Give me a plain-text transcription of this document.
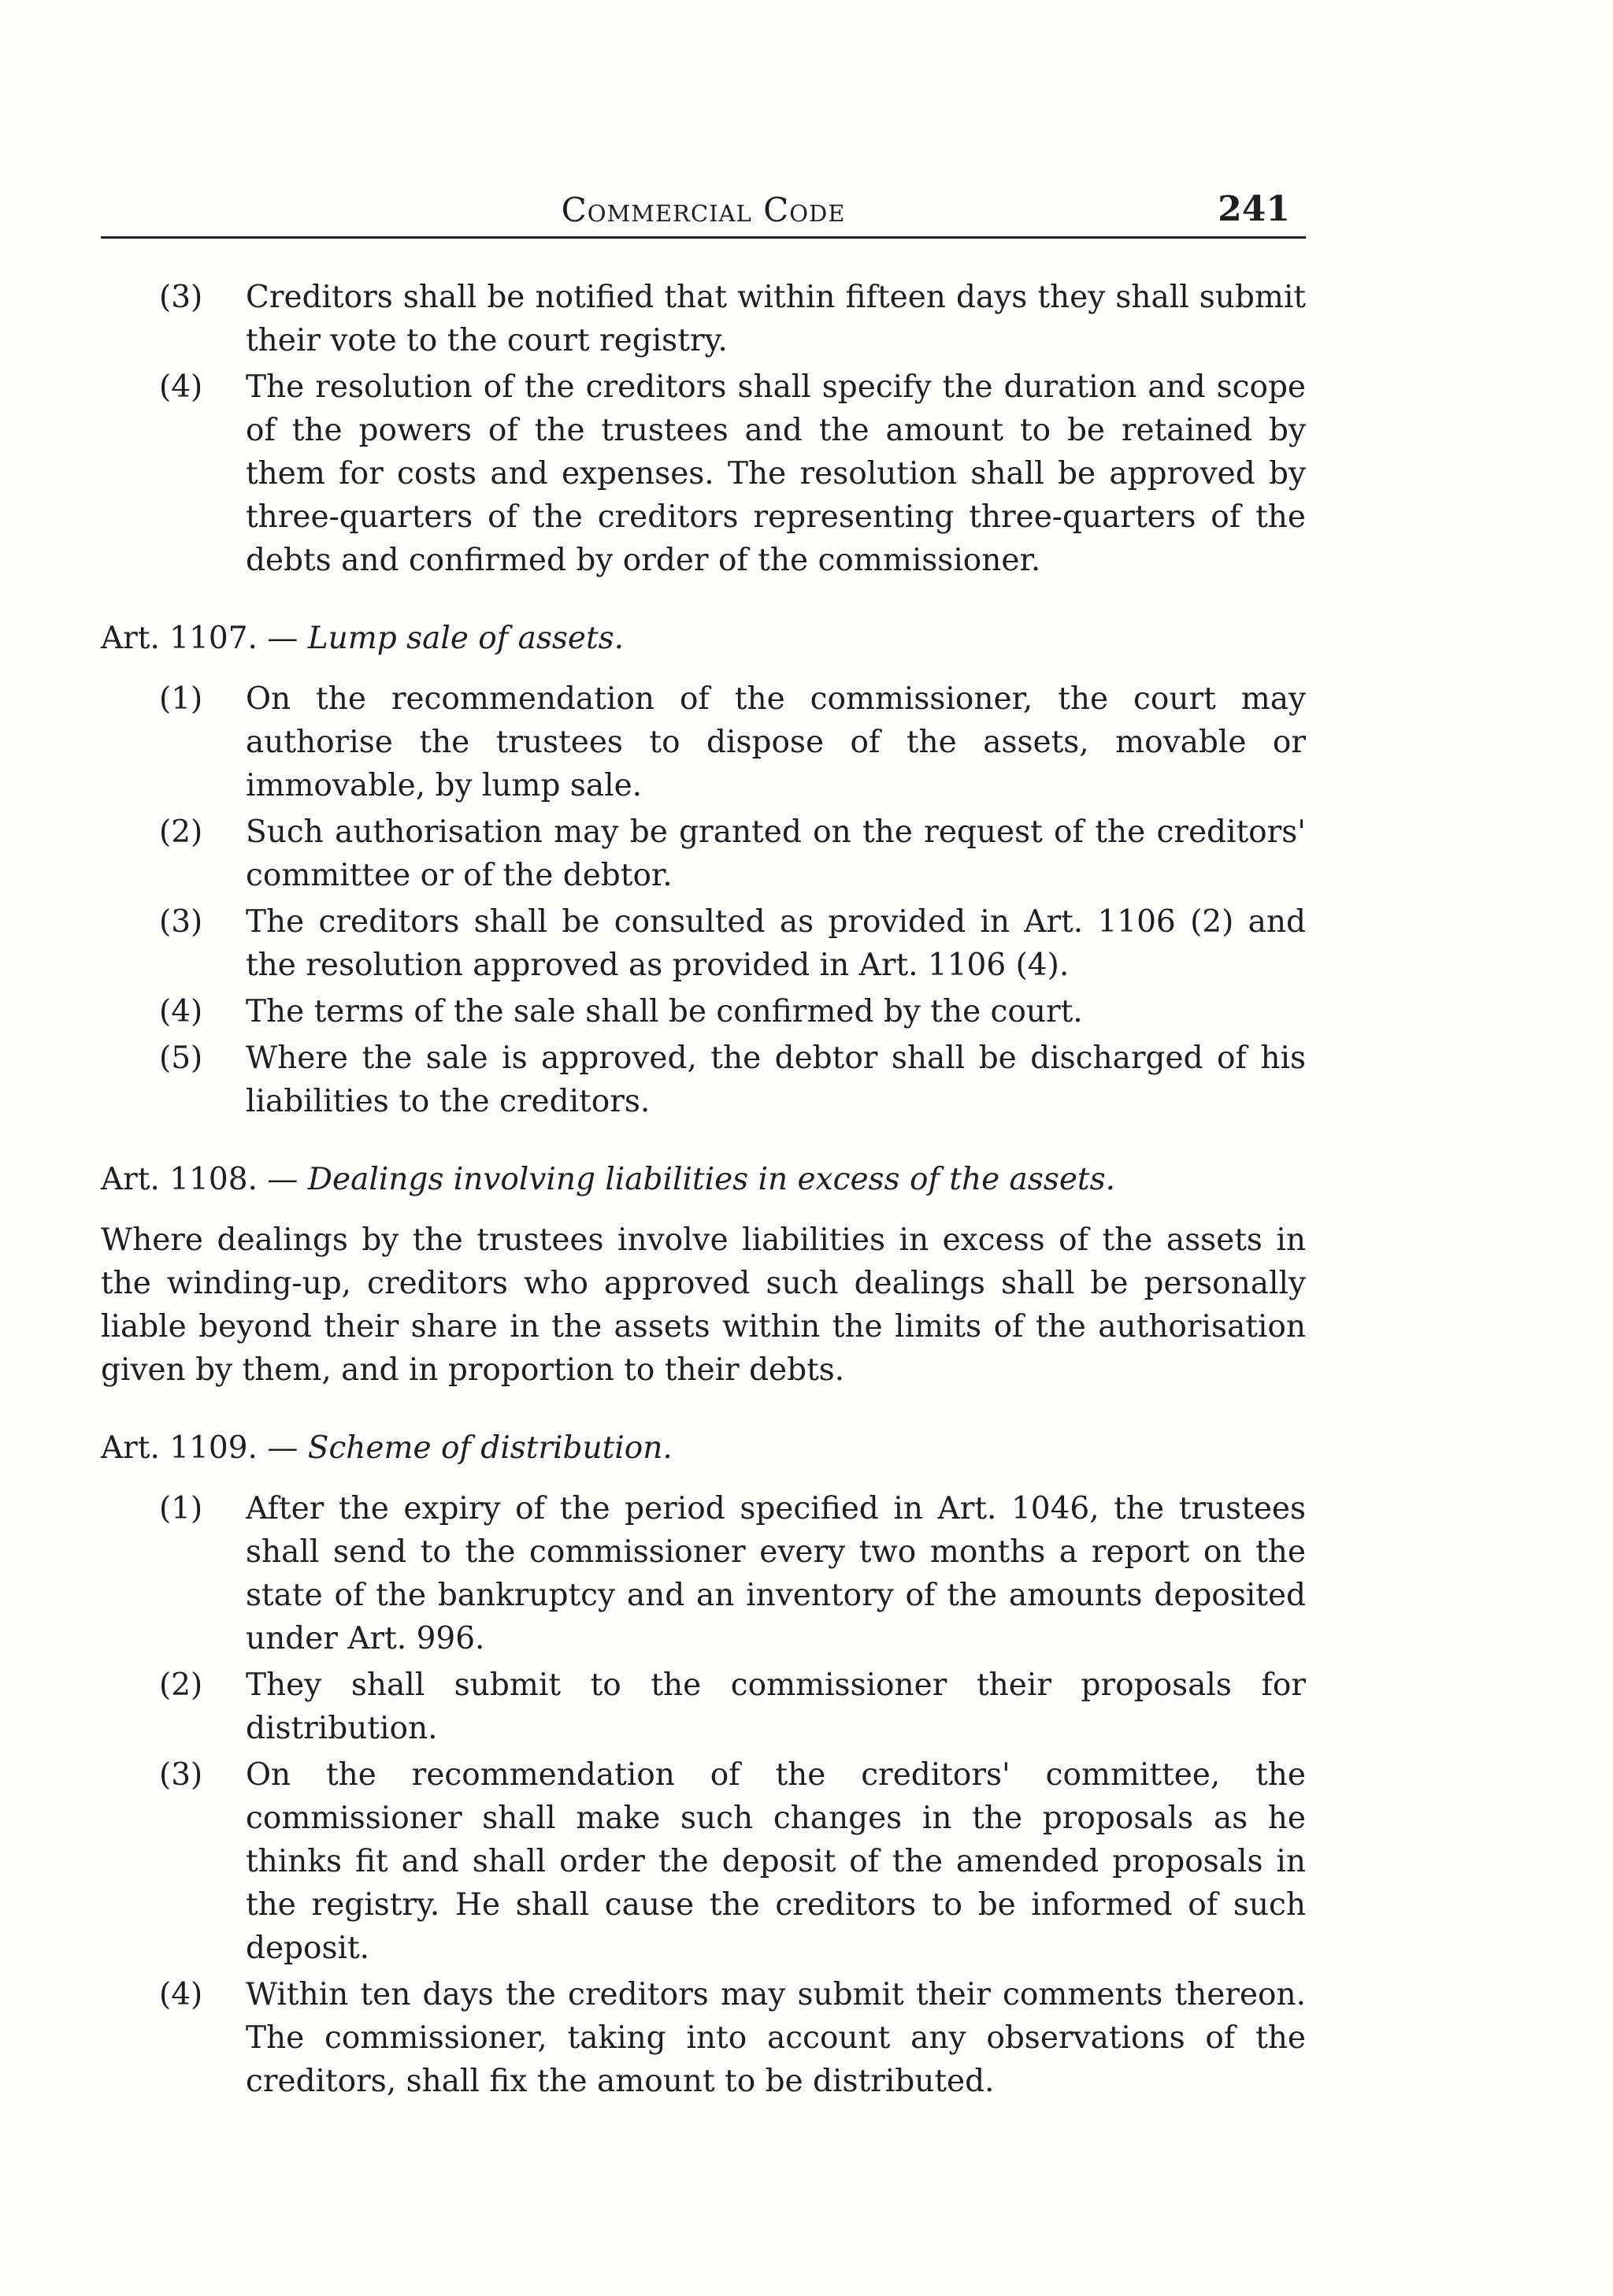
Commercial Code	241
(3) Creditors shall be notified that within fifteen days they shall submit their vote to the court registry.
(4) The resolution of the creditors shall specify the duration and scope of the powers of the trustees and the amount to be retained by them for costs and expenses. The resolution shall be approved by three-quarters of the creditors representing three-quarters of the debts and confirmed by order of the commissioner.
Art. 1107. — Lump sale of assets.
(1) On the recommendation of the commissioner, the court may authorise the trustees to dispose of the assets, movable or immovable, by lump sale.
(2) Such authorisation may be granted on the request of the creditors' committee or of the debtor.
(3) The creditors shall be consulted as provided in Art. 1106 (2) and the resolution approved as provided in Art. 1106 (4).
(4) The terms of the sale shall be confirmed by the court.
(5) Where the sale is approved, the debtor shall be discharged of his liabilities to the creditors.
Art. 1108. — Dealings involving liabilities in excess of the assets.

Where dealings by the trustees involve liabilities in excess of the assets in the winding-up, creditors who approved such dealings shall be personally liable beyond their share in the assets within the limits of the authorisation given by them, and in proportion to their debts.

Art. 1109. — Scheme of distribution.
(1) After the expiry of the period specified in Art. 1046, the trustees shall send to the commissioner every two months a report on the state of the bankruptcy and an inventory of the amounts deposited under Art. 996.
(2) They shall submit to the commissioner their proposals for distribution.
(3) On the recommendation of the creditors' committee, the commissioner shall make such changes in the proposals as he thinks fit and shall order the deposit of the amended proposals in the registry. He shall cause the creditors to be informed of such deposit.
(4) Within ten days the creditors may submit their comments thereon. The commissioner, taking into account any observations of the creditors, shall fix the amount to be distributed.
